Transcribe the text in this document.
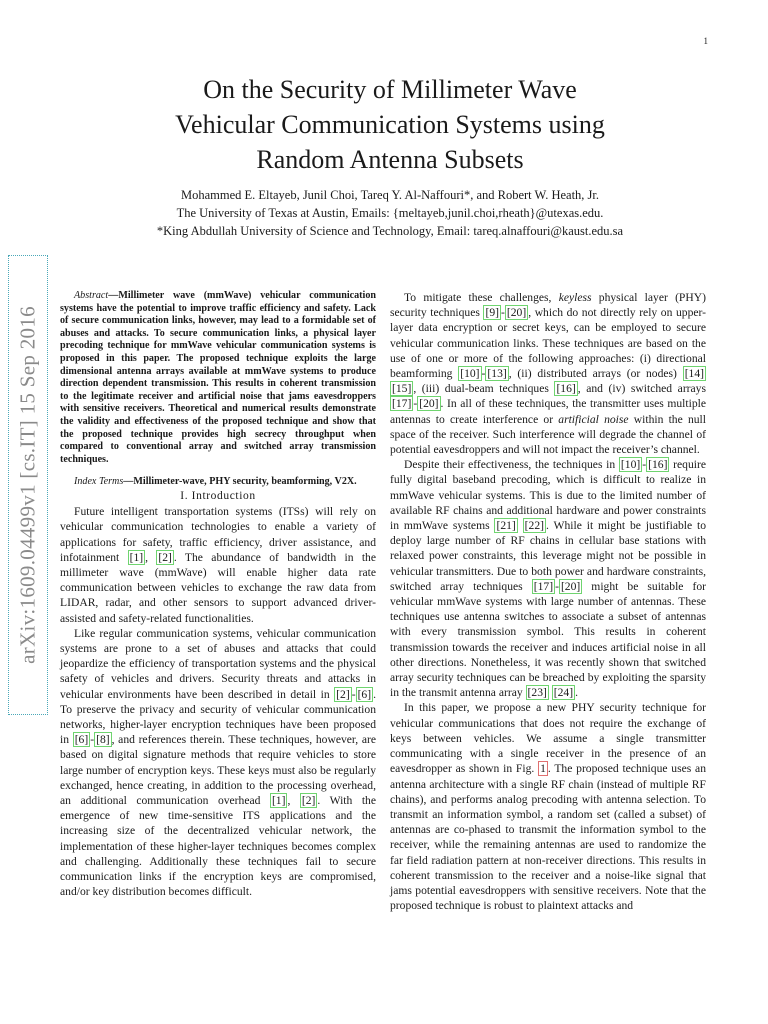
1
arXiv:1609.04499v1 [cs.IT] 15 Sep 2016
On the Security of Millimeter Wave
Vehicular Communication Systems using
Random Antenna Subsets
Mohammed E. Eltayeb, Junil Choi, Tareq Y. Al-Naffouri*, and Robert W. Heath, Jr.
The University of Texas at Austin, Emails: {meltayeb,junil.choi,rheath}@utexas.edu.
*King Abdullah University of Science and Technology, Email: tareq.alnaffouri@kaust.edu.sa

Abstract—Millimeter wave (mmWave) vehicular communication systems have the potential to improve traffic efficiency and safety. Lack of secure communication links, however, may lead to a formidable set of abuses and attacks. To secure communication links, a physical layer precoding technique for mmWave vehicular communication systems is proposed in this paper. The proposed technique exploits the large dimensional antenna arrays available at mmWave systems to produce direction dependent transmission. This results in coherent transmission to the legitimate receiver and artificial noise that jams eavesdroppers with sensitive receivers. Theoretical and numerical results demonstrate the validity and effectiveness of the proposed technique and show that the proposed technique provides high secrecy throughput when compared to conventional array and switched array transmission techniques.

Index Terms—Millimeter-wave, PHY security, beamforming, V2X.

I. Introduction

Future intelligent transportation systems (ITSs) will rely on vehicular communication technologies to enable a variety of applications for safety, traffic efficiency, driver assistance, and infotainment [1] , [2] . The abundance of bandwidth in the millimeter wave (mmWave) will enable higher data rate communication between vehicles to exchange the raw data from LIDAR, radar, and other sensors to support advanced driver-assisted and safety-related functionalities.

Like regular communication systems, vehicular communication systems are prone to a set of abuses and attacks that could jeopardize the efficiency of transportation systems and the physical safety of vehicles and drivers. Security threats and attacks in vehicular environments have been described in detail in [2] - [6] . To preserve the privacy and security of vehicular communication networks, higher-layer encryption techniques have been proposed in [6] - [8] , and references therein. These techniques, however, are based on digital signature methods that require vehicles to store large number of encryption keys. These keys must also be regularly exchanged, hence creating, in addition to the processing overhead, an additional communication overhead [1] , [2] . With the emergence of new time-sensitive ITS applications and the increasing size of the decentralized vehicular network, the implementation of these higher-layer techniques becomes complex and challenging. Additionally these techniques fail to secure communication links if the encryption keys are compromised, and/or key distribution becomes difficult.

To mitigate these challenges, keyless physical layer (PHY) security techniques [9] - [20] , which do not directly rely on upper-layer data encryption or secret keys, can be employed to secure vehicular communication links. These techniques are based on the use of one or more of the following approaches: (i) directional beamforming [10] - [13] , (ii) distributed arrays (or nodes) [14] [15] , (iii) dual-beam techniques [16] , and (iv) switched arrays [17] - [20] . In all of these techniques, the transmitter uses multiple antennas to create interference or artificial noise within the null space of the receiver. Such interference will degrade the channel of potential eavesdroppers and will not impact the receiver’s channel.

Despite their effectiveness, the techniques in [10] - [16] require fully digital baseband precoding, which is difficult to realize in mmWave vehicular systems. This is due to the limited number of available RF chains and additional hardware and power constraints in mmWave systems [21] [22] . While it might be justifiable to deploy large number of RF chains in cellular base stations with relaxed power constraints, this leverage might not be possible in vehicular transmitters. Due to both power and hardware constraints, switched array techniques [17] - [20] might be suitable for vehicular mmWave systems with large number of antennas. These techniques use antenna switches to associate a subset of antennas with every transmission symbol. This results in coherent transmission towards the receiver and induces artificial noise in all other directions. Nonetheless, it was recently shown that switched array security techniques can be breached by exploiting the sparsity in the transmit antenna array [23] [24] .

In this paper, we propose a new PHY security technique for vehicular communications that does not require the exchange of keys between vehicles. We assume a single transmitter communicating with a single receiver in the presence of an eavesdropper as shown in Fig. 1 . The proposed technique uses an antenna architecture with a single RF chain (instead of multiple RF chains), and performs analog precoding with antenna selection. To transmit an information symbol, a random set (called a subset) of antennas are co-phased to transmit the information symbol to the receiver, while the remaining antennas are used to randomize the far field radiation pattern at non-receiver directions. This results in coherent transmission to the receiver and a noise-like signal that jams potential eavesdroppers with sensitive receivers. Note that the proposed technique is robust to plaintext attacks and
